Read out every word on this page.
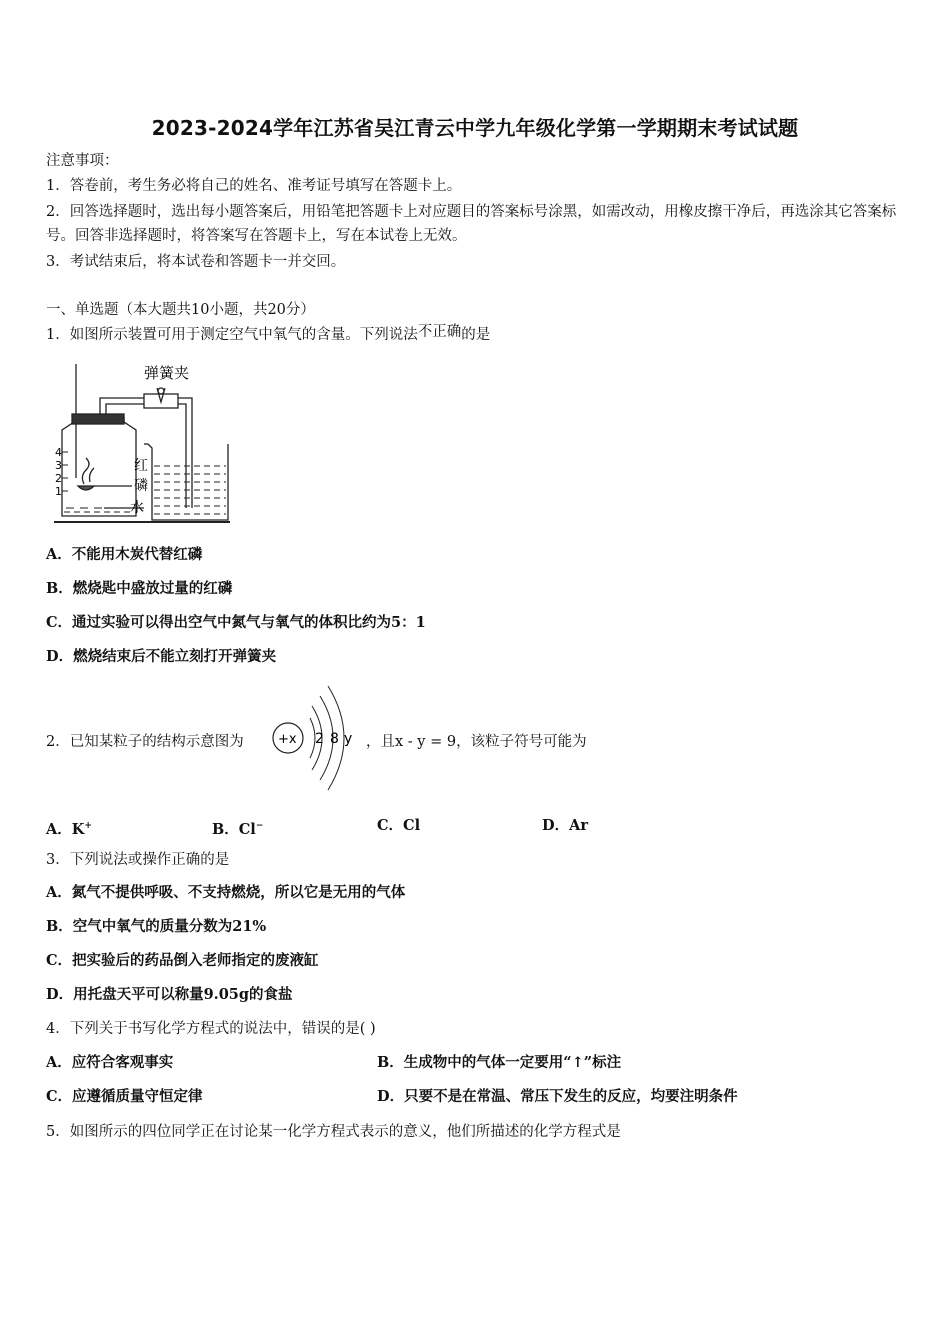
2023-2024学年江苏省吴江青云中学九年级化学第一学期期末考试试题
注意事项：
1．答卷前，考生务必将自己的姓名、准考证号填写在答题卡上。
2．回答选择题时，选出每小题答案后，用铅笔把答题卡上对应题目的答案标号涂黑，如需改动，用橡皮擦干净后，再选涂其它答案标号。回答非选择题时，将答案写在答题卡上，写在本试卷上无效。
3．考试结束后，将本试卷和答题卡一并交回。
一、单选题（本大题共10小题，共20分）
1．如图所示装置可用于测定空气中氧气的含量。下列说法不正确的是
4
3
2
1
弹簧夹
红
磷
水
A．不能用木炭代替红磷
B．燃烧匙中盛放过量的红磷
C．通过实验可以得出空气中氮气与氧气的体积比约为5：1
D．燃烧结束后不能立刻打开弹簧夹
2．已知某粒子的结构示意图为	+x 2 8 y ，且x - y = 9，该粒子符号可能为
A．K+	B．Cl−	C．Cl	D．Ar
3．下列说法或操作正确的是
A．氮气不提供呼吸、不支持燃烧，所以它是无用的气体
B．空气中氧气的质量分数为21%
C．把实验后的药品倒入老师指定的废液缸
D．用托盘天平可以称量9.05g的食盐
4．下列关于书写化学方程式的说法中，错误的是( )
A．应符合客观事实	B．生成物中的气体一定要用“↑”标注
C．应遵循质量守恒定律	D．只要不是在常温、常压下发生的反应，均要注明条件
5．如图所示的四位同学正在讨论某一化学方程式表示的意义，他们所描述的化学方程式是
